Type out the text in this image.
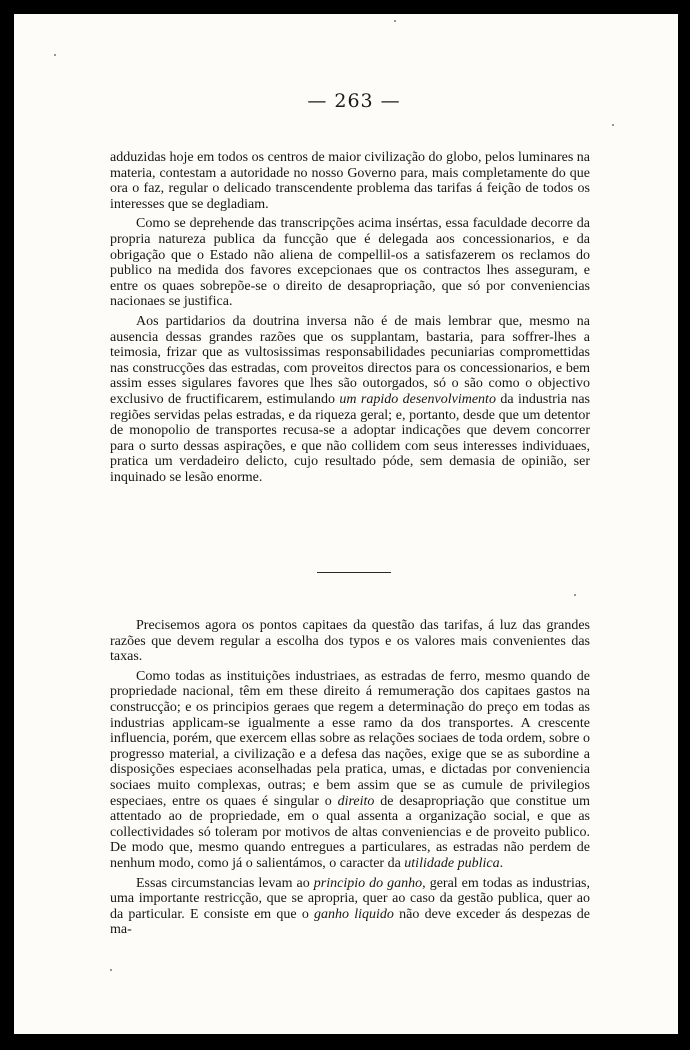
— 263 —

adduzidas hoje em todos os centros de maior civilização do globo, pelos luminares na materia, contestam a autoridade no nosso Governo para, mais completamente do que ora o faz, regular o delicado transcendente problema das tarifas á feição de todos os interesses que se degladiam.

Como se deprehende das transcripções acima insértas, essa faculdade decorre da propria natureza publica da funcção que é delegada aos concessionarios, e da obrigação que o Estado não aliena de compellil-os a satisfazerem os reclamos do publico na medida dos favores excepcionaes que os contractos lhes asseguram, e entre os quaes sobrepõe-se o direito de desapropriação, que só por conveniencias nacionaes se justifica.

Aos partidarios da doutrina inversa não é de mais lembrar que, mesmo na ausencia dessas grandes razões que os supplantam, bastaria, para soffrer-lhes a teimosia, frizar que as vultosissimas responsabilidades pecuniarias compromettidas nas construcções das estradas, com proveitos directos para os concessionarios, e bem assim esses sigulares favores que lhes são outorgados, só o são como o objectivo exclusivo de fructificarem, estimulando um rapido desenvolvimento da industria nas regiões servidas pelas estradas, e da riqueza geral; e, portanto, desde que um detentor de monopolio de transportes recusa-se a adoptar indicações que devem concorrer para o surto dessas aspirações, e que não collidem com seus interesses individuaes, pratica um verdadeiro delicto, cujo resultado póde, sem demasia de opinião, ser inquinado se lesão enorme.

Precisemos agora os pontos capitaes da questão das tarifas, á luz das grandes razões que devem regular a escolha dos typos e os valores mais convenientes das taxas.

Como todas as instituições industriaes, as estradas de ferro, mesmo quando de propriedade nacional, têm em these direito á remumeração dos capitaes gastos na construcção; e os principios geraes que regem a determinação do preço em todas as industrias applicam-se igualmente a esse ramo da dos transportes. A crescente influencia, porém, que exercem ellas sobre as relações sociaes de toda ordem, sobre o progresso material, a civilização e a defesa das nações, exige que se as subordine a disposições especiaes aconselhadas pela pratica, umas, e dictadas por conveniencia sociaes muito complexas, outras; e bem assim que se as cumule de privilegios especiaes, entre os quaes é singular o direito de desapropriação que constitue um attentado ao de propriedade, em o qual assenta a organização social, e que as collectividades só toleram por motivos de altas conveniencias e de proveito publico. De modo que, mesmo quando entregues a particulares, as estradas não perdem de nenhum modo, como já o salientámos, o caracter da utilidade publica.

Essas circumstancias levam ao principio do ganho, geral em todas as industrias, uma importante restricção, que se apropria, quer ao caso da gestão publica, quer ao da particular. E consiste em que o ganho liquido não deve exceder ás despezas de ma-
